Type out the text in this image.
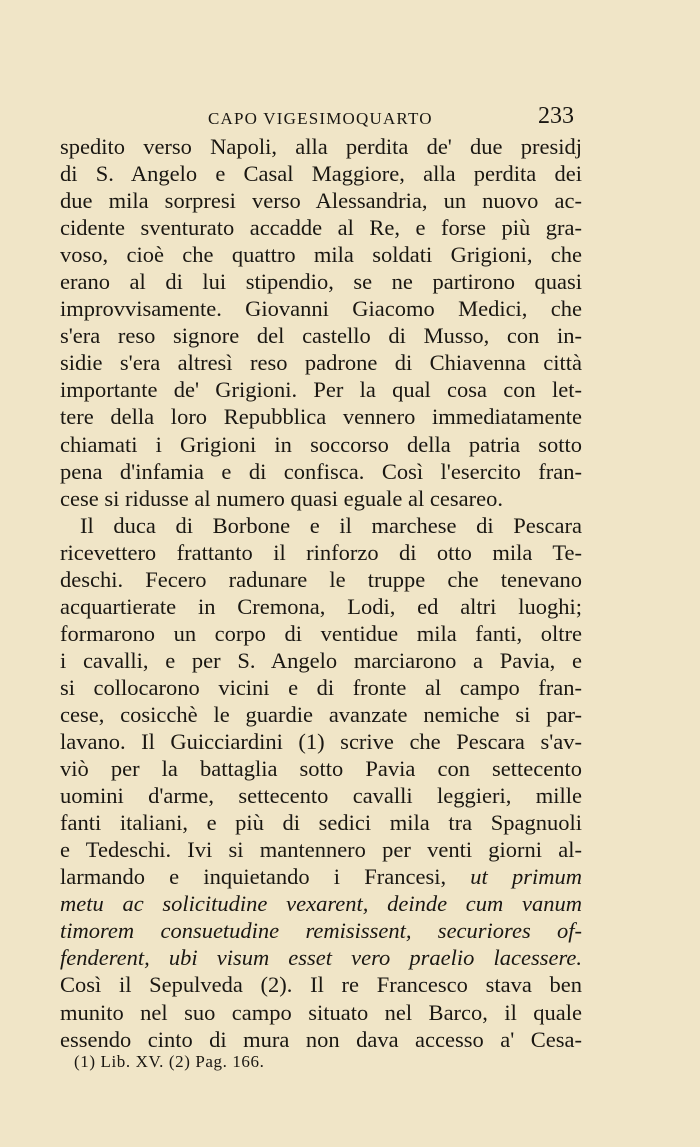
CAPO VIGESIMOQUARTO	233
spedito verso Napoli, alla perdita de' due presidj
di S. Angelo e Casal Maggiore, alla perdita dei
due mila sorpresi verso Alessandria, un nuovo ac-
cidente sventurato accadde al Re, e forse più gra-
voso, cioè che quattro mila soldati Grigioni, che
erano al di lui stipendio, se ne partirono quasi
improvvisamente. Giovanni Giacomo Medici, che
s'era reso signore del castello di Musso, con in-
sidie s'era altresì reso padrone di Chiavenna città
importante de' Grigioni. Per la qual cosa con let-
tere della loro Repubblica vennero immediatamente
chiamati i Grigioni in soccorso della patria sotto
pena d'infamia e di confisca. Così l'esercito fran-
cese si ridusse al numero quasi eguale al cesareo.
Il duca di Borbone e il marchese di Pescara
ricevettero frattanto il rinforzo di otto mila Te-
deschi. Fecero radunare le truppe che tenevano
acquartierate in Cremona, Lodi, ed altri luoghi;
formarono un corpo di ventidue mila fanti, oltre
i cavalli, e per S. Angelo marciarono a Pavia, e
si collocarono vicini e di fronte al campo fran-
cese, cosicchè le guardie avanzate nemiche si par-
lavano. Il Guicciardini (1) scrive che Pescara s'av-
viò per la battaglia sotto Pavia con settecento
uomini d'arme, settecento cavalli leggieri, mille
fanti italiani, e più di sedici mila tra Spagnuoli
e Tedeschi. Ivi si mantennero per venti giorni al-
larmando e inquietando i Francesi, ut primum
metu ac solicitudine vexarent, deinde cum vanum
timorem consuetudine remisissent, securiores of-
fenderent, ubi visum esset vero praelio lacessere.
Così il Sepulveda (2). Il re Francesco stava ben
munito nel suo campo situato nel Barco, il quale
essendo cinto di mura non dava accesso a' Cesa-
(1) Lib. XV. (2) Pag. 166.
